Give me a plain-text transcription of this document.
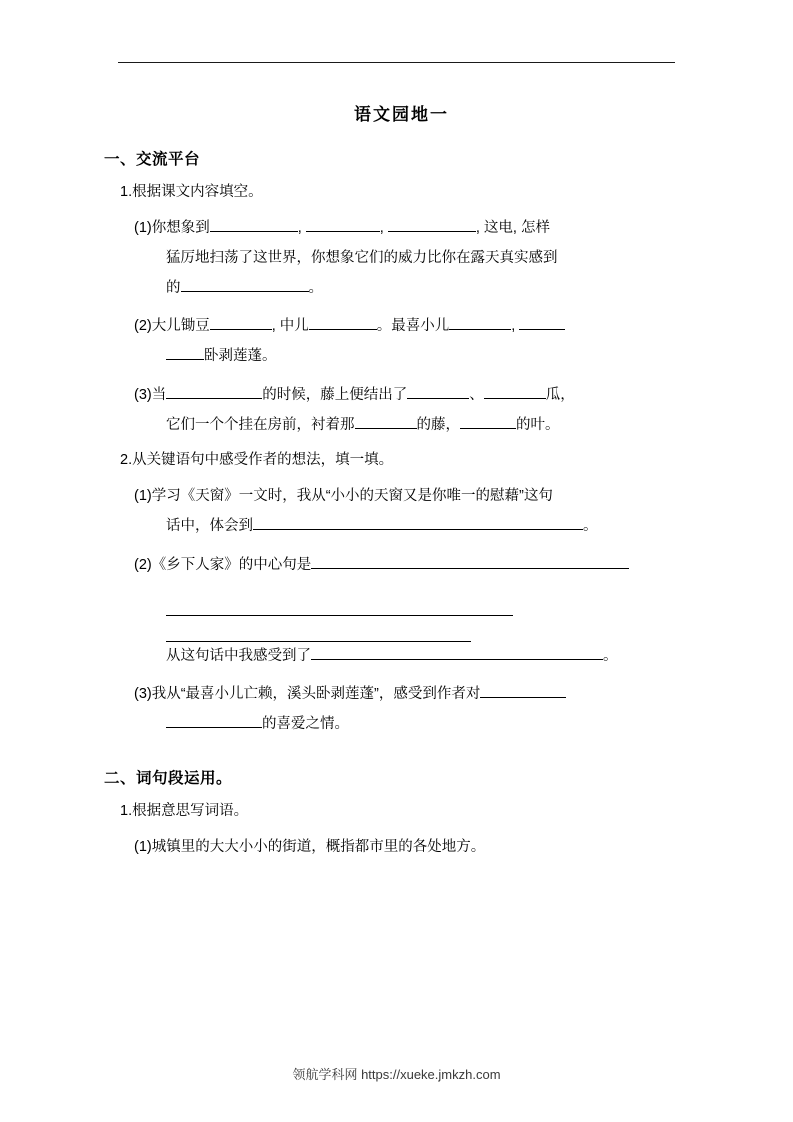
语文园地一
一、交流平台
1.根据课文内容填空。
(1)你想象到	,	,	, 这电, 怎样
猛厉地扫荡了这世界，你想象它们的威力比你在露天真实感到
的	。
(2)大儿锄豆	, 中儿	。最喜小儿	,
卧剥莲蓬。
(3)当	的时候，藤上便结出了	、	瓜，
它们一个个挂在房前，衬着那	的藤，	的叶。
2.从关键语句中感受作者的想法，填一填。
(1)学习《天窗》一文时，我从“小小的天窗又是你唯一的慰藉”这句
话中，体会到	。
(2)《乡下人家》的中心句是
从这句话中我感受到了	。
(3)我从“最喜小儿亡赖，溪头卧剥莲蓬”，感受到作者对
的喜爱之情。
二、词句段运用。
1.根据意思写词语。
(1)城镇里的大大小小的街道，概指都市里的各处地方。
领航学科网 https://xueke.jmkzh.com
